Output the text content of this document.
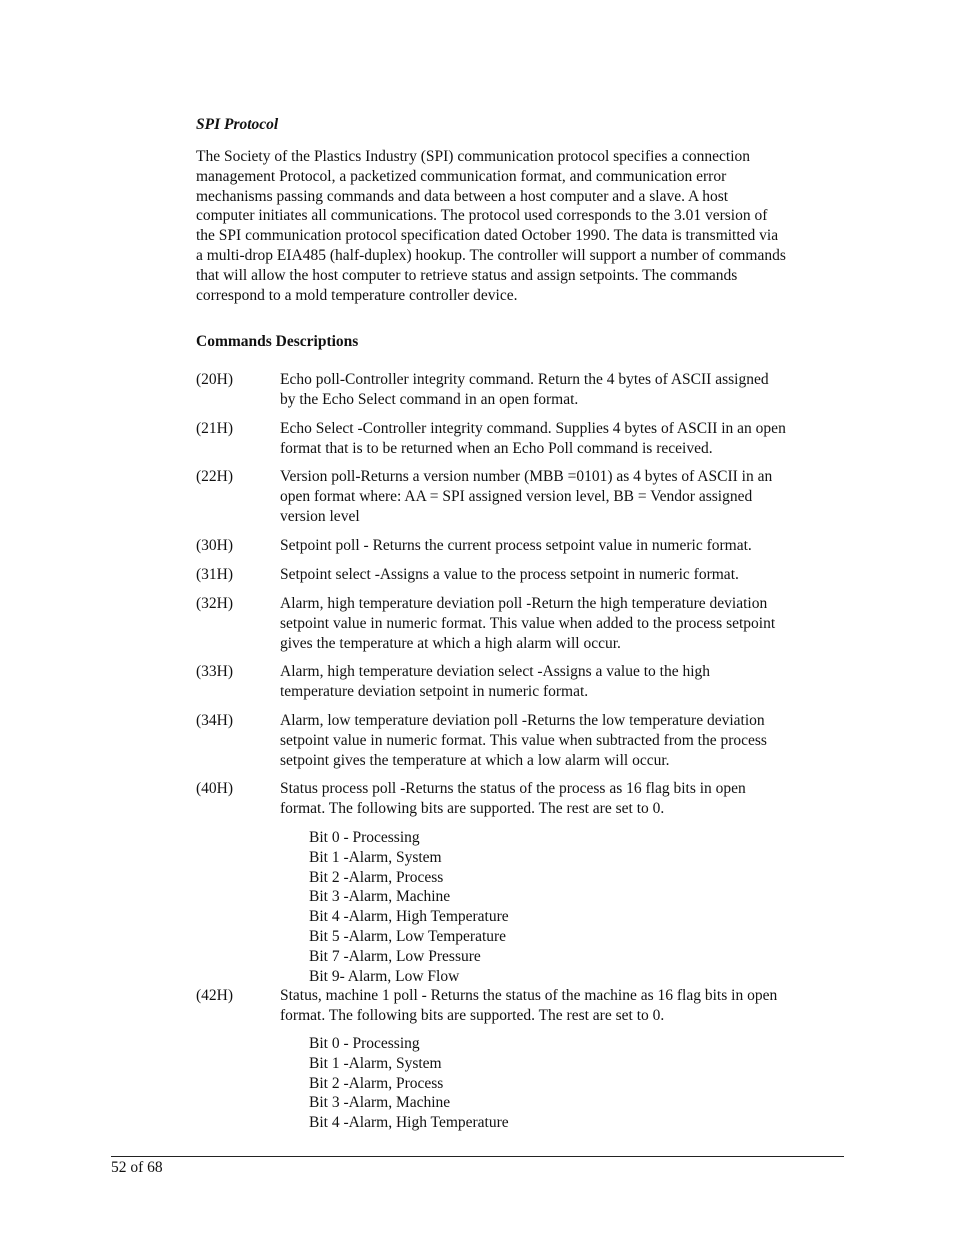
SPI Protocol

The Society of the Plastics Industry (SPI) communication protocol specifies a connection
management Protocol, a packetized communication format, and communication error
mechanisms passing commands and data between a host computer and a slave. A host
computer initiates all communications. The protocol used corresponds to the 3.01 version of
the SPI communication protocol specification dated October 1990. The data is transmitted via
a multi-drop EIA485 (half-duplex) hookup. The controller will support a number of commands
that will allow the host computer to retrieve status and assign setpoints. The commands
correspond to a mold temperature controller device.

Commands Descriptions
(20H)	Echo poll-Controller integrity command. Return the 4 bytes of ASCII assigned
by the Echo Select command in an open format.
(21H)	Echo Select -Controller integrity command. Supplies 4 bytes of ASCII in an open
format that is to be returned when an Echo Poll command is received.
(22H)	Version poll-Returns a version number (MBB =0101) as 4 bytes of ASCII in an
open format where: AA = SPI assigned version level, BB = Vendor assigned
version level
(30H)	Setpoint poll - Returns the current process setpoint value in numeric format.
(31H)	Setpoint select -Assigns a value to the process setpoint in numeric format.
(32H)	Alarm, high temperature deviation poll -Return the high temperature deviation
setpoint value in numeric format. This value when added to the process setpoint
gives the temperature at which a high alarm will occur.
(33H)	Alarm, high temperature deviation select -Assigns a value to the high
temperature deviation setpoint in numeric format.
(34H)	Alarm, low temperature deviation poll -Returns the low temperature deviation
setpoint value in numeric format. This value when subtracted from the process
setpoint gives the temperature at which a low alarm will occur.
(40H)	Status process poll -Returns the status of the process as 16 flag bits in open
format. The following bits are supported. The rest are set to 0.
Bit 0 - Processing
Bit 1 -Alarm, System
Bit 2 -Alarm, Process
Bit 3 -Alarm, Machine
Bit 4 -Alarm, High Temperature
Bit 5 -Alarm, Low Temperature
Bit 7 -Alarm, Low Pressure
Bit 9- Alarm, Low Flow
(42H)	Status, machine 1 poll - Returns the status of the machine as 16 flag bits in open
format. The following bits are supported. The rest are set to 0.
Bit 0 - Processing
Bit 1 -Alarm, System
Bit 2 -Alarm, Process
Bit 3 -Alarm, Machine
Bit 4 -Alarm, High Temperature
52 of 68
